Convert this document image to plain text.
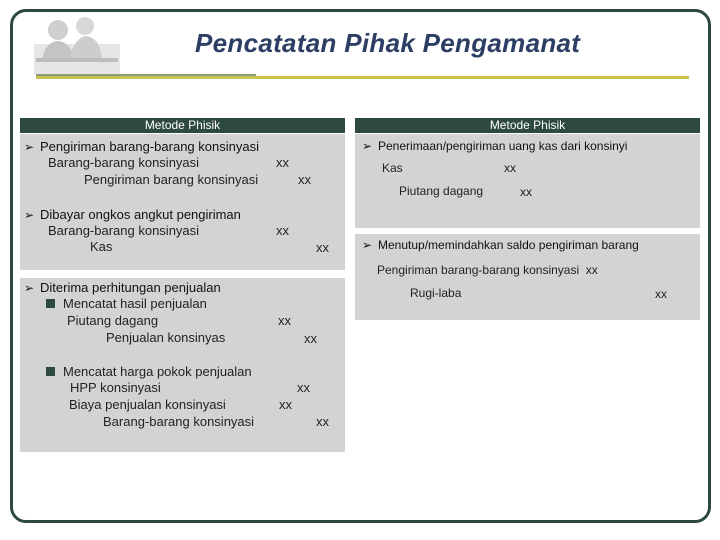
Pencatatan Pihak Pengamanat
Metode Phisik
➢ Pengiriman barang-barang konsinyasi
Barang-barang konsinyasi	xx
Pengiriman barang konsinyasi	xx
➢ Dibayar ongkos angkut pengiriman
Barang-barang konsinyasi	xx
Kas	xx
➢ Diterima perhitungan penjualan
Mencatat hasil penjualan
Piutang dagang	xx
Penjualan konsinyas	xx
Mencatat harga pokok penjualan
HPP konsinyasi	xx
Biaya penjualan konsinyasi	xx
Barang-barang konsinyasi	xx
Metode Phisik
➢ Penerimaan/pengiriman uang kas dari konsinyi
Kas	xx
Piutang dagang	xx
➢ Menutup/memindahkan saldo pengiriman barang
Pengiriman barang-barang konsinyasi xx
Rugi-laba	xx
